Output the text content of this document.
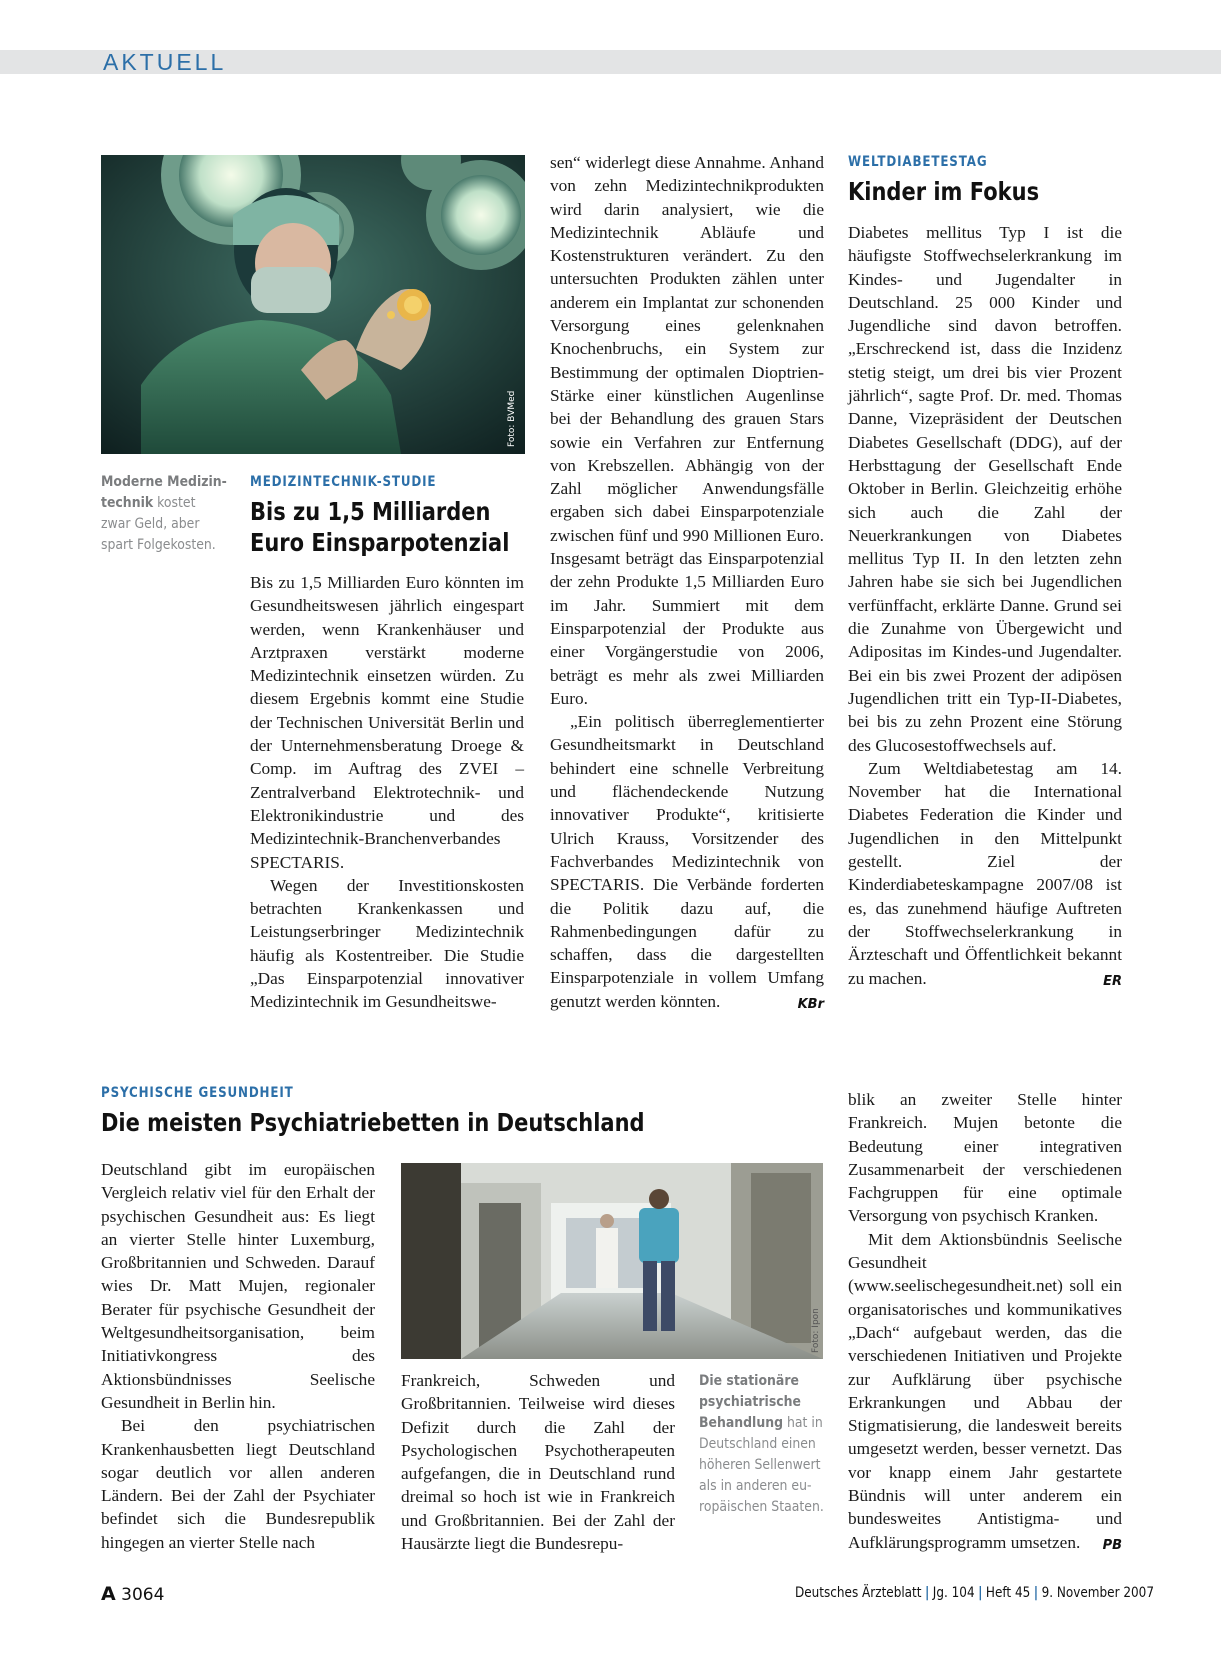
AKTUELL
Foto: BVMed
Moderne Medizin-
technik kostet
zwar Geld, aber
spart Folgekosten.
MEDIZINTECHNIK-STUDIE
Bis zu 1,5 Milliarden
Euro Einsparpotenzial

Bis zu 1,5 Milliarden Euro könnten im Gesundheitswesen jährlich eingespart werden, wenn Krankenhäuser und Arztpraxen verstärkt moderne Medizintechnik einsetzen würden. Zu diesem Ergebnis kommt eine Studie der Technischen Universität Berlin und der Unternehmensberatung Droege & Comp. im Auftrag des ZVEI – Zentralverband Elektrotechnik- und Elektronikindustrie und des Medizintechnik-Branchenverbandes SPECTARIS.

Wegen der Investitionskosten betrachten Krankenkassen und Leistungserbringer Medizintechnik häufig als Kostentreiber. Die Studie „Das Einsparpotenzial innovativer Medizintechnik im Gesundheitswe-

sen“ widerlegt diese Annahme. Anhand von zehn Medizintechnikprodukten wird darin analysiert, wie die Medizintechnik Abläufe und Kostenstrukturen verändert. Zu den untersuchten Produkten zählen unter anderem ein Implantat zur schonenden Versorgung eines gelenknahen Knochenbruchs, ein System zur Bestimmung der optimalen Dioptrien-Stärke einer künstlichen Augenlinse bei der Behandlung des grauen Stars sowie ein Verfahren zur Entfernung von Krebszellen. Abhängig von der Zahl möglicher Anwendungsfälle ergaben sich dabei Einsparpotenziale zwischen fünf und 990 Millionen Euro. Insgesamt beträgt das Einsparpotenzial der zehn Produkte 1,5 Milliarden Euro im Jahr. Summiert mit dem Einsparpotenzial der Produkte aus einer Vorgängerstudie von 2006, beträgt es mehr als zwei Milliarden Euro.

„Ein politisch überreglementierter Gesundheitsmarkt in Deutschland behindert eine schnelle Verbreitung und flächendeckende Nutzung innovativer Produkte“, kritisierte Ulrich Krauss, Vorsitzender des Fachverbandes Medizintechnik von SPECTARIS. Die Verbände forderten die Politik dazu auf, die Rahmenbedingungen dafür zu schaffen, dass die dargestellten Einsparpotenziale in vollem Umfang genutzt werden könnten.	KBr

WELTDIABETESTAG
Kinder im Fokus

Diabetes mellitus Typ I ist die häufigste Stoffwechselerkrankung im Kindes- und Jugendalter in Deutschland. 25 000 Kinder und Jugendliche sind davon betroffen. „Erschreckend ist, dass die Inzidenz stetig steigt, um drei bis vier Prozent jährlich“, sagte Prof. Dr. med. Thomas Danne, Vizepräsident der Deutschen Diabetes Gesellschaft (DDG), auf der Herbsttagung der Gesellschaft Ende Oktober in Berlin. Gleichzeitig erhöhe sich auch die Zahl der Neuerkrankungen von Diabetes mellitus Typ II. In den letzten zehn Jahren habe sie sich bei Jugendlichen verfünffacht, erklärte Danne. Grund sei die Zunahme von Übergewicht und Adipositas im Kindes-und Jugendalter. Bei ein bis zwei Prozent der adipösen Jugendlichen tritt ein Typ-II-Diabetes, bei bis zu zehn Prozent eine Störung des Glucosestoffwechsels auf.

Zum Weltdiabetestag am 14. November hat die International Diabetes Federation die Kinder und Jugendlichen in den Mittelpunkt gestellt. Ziel der Kinderdiabeteskampagne 2007/08 ist es, das zunehmend häufige Auftreten der Stoffwechselerkrankung in Ärzteschaft und Öffentlichkeit bekannt zu machen.	ER

PSYCHISCHE GESUNDHEIT
Die meisten Psychiatriebetten in Deutschland

Deutschland gibt im europäischen Vergleich relativ viel für den Erhalt der psychischen Gesundheit aus: Es liegt an vierter Stelle hinter Luxemburg, Großbritannien und Schweden. Darauf wies Dr. Matt Mujen, regionaler Berater für psychische Gesundheit der Weltgesundheitsorganisation, beim Initiativkongress des Aktionsbündnisses Seelische Gesundheit in Berlin hin.

Bei den psychiatrischen Krankenhausbetten liegt Deutschland sogar deutlich vor allen anderen Ländern. Bei der Zahl der Psychiater befindet sich die Bundesrepublik hingegen an vierter Stelle nach

Foto: Ipon

Frankreich, Schweden und Großbritannien. Teilweise wird dieses Defizit durch die Zahl der Psychologischen Psychotherapeuten aufgefangen, die in Deutschland rund dreimal so hoch ist wie in Frankreich und Großbritannien. Bei der Zahl der Hausärzte liegt die Bundesrepu-

Die stationäre
psychiatrische
Behandlung hat in
Deutschland einen
höheren Sellenwert
als in anderen eu-
ropäischen Staaten.

blik an zweiter Stelle hinter Frankreich. Mujen betonte die Bedeutung einer integrativen Zusammenarbeit der verschiedenen Fachgruppen für eine optimale Versorgung von psychisch Kranken.

Mit dem Aktionsbündnis Seelische Gesundheit (www.seelischegesundheit.net) soll ein organisatorisches und kommunikatives „Dach“ aufgebaut werden, das die verschiedenen Initiativen und Projekte zur Aufklärung über psychische Erkrankungen und Abbau der Stigmatisierung, die landesweit bereits umgesetzt werden, besser vernetzt. Das vor knapp einem Jahr gestartete Bündnis will unter anderem ein bundesweites Antistigma- und Aufklärungsprogramm umsetzen.	PB

A 3064	Deutsches Ärzteblatt | Jg. 104 | Heft 45 | 9. November 2007
